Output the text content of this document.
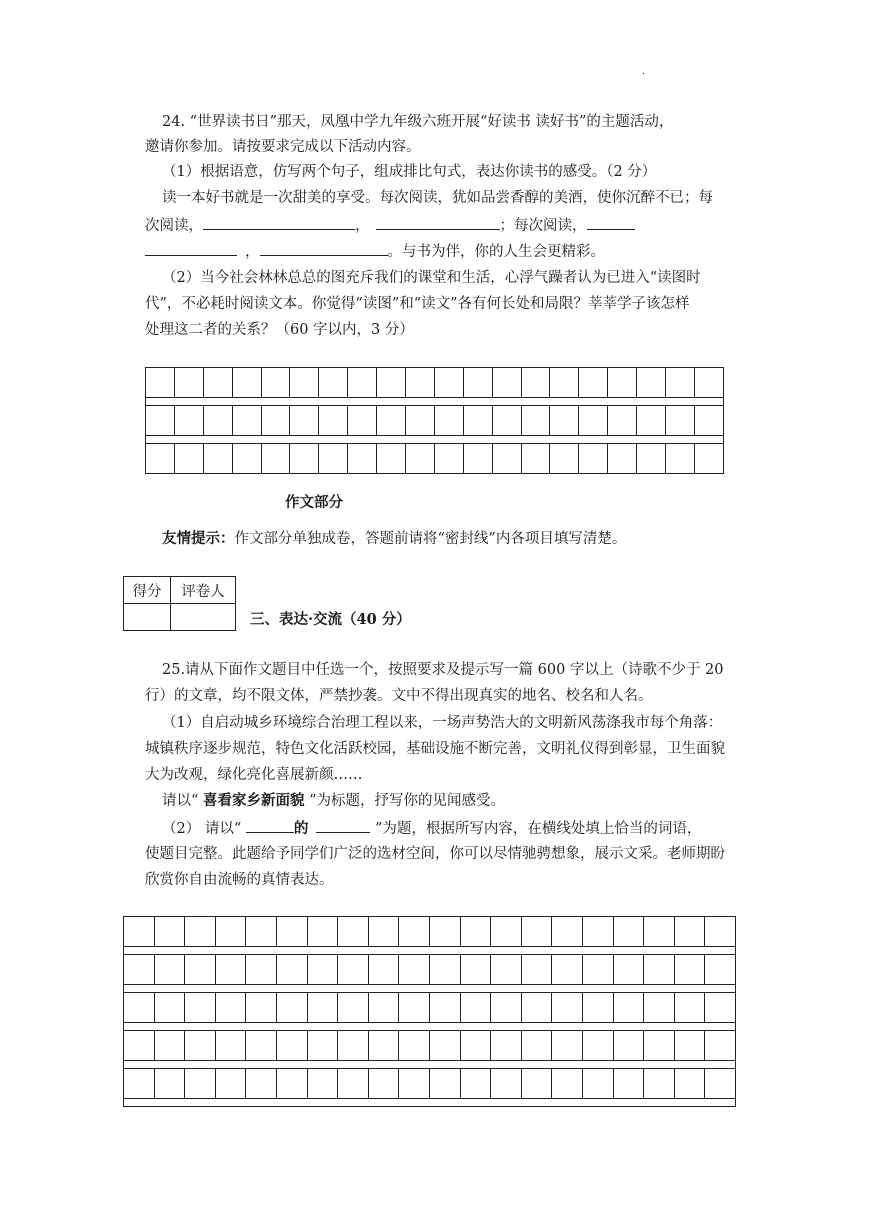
.
24. “世界读书日”那天，凤凰中学九年级六班开展“好读书 读好书”的主题活动，
邀请你参加。请按要求完成以下活动内容。
（1）根据语意，仿写两个句子，组成排比句式，表达你读书的感受。（2 分）
读一本好书就是一次甜美的享受。每次阅读，犹如品尝香醇的美酒，使你沉醉不已；每
次阅读，	，	；每次阅读，
，	。与书为伴，你的人生会更精彩。
（2）当今社会林林总总的图充斥我们的课堂和生活，心浮气躁者认为已进入“读图时
代”，不必耗时阅读文本。你觉得“读图”和“读文”各有何长处和局限？莘莘学子该怎样
处理这二者的关系？（60 字以内，3 分）

作文部分
友情提示：作文部分单独成卷，答题前请将“密封线”内各项目填写清楚。
得分	评卷人

三、表达·交流（40 分）
25.请从下面作文题目中任选一个，按照要求及提示写一篇 600 字以上（诗歌不少于 20
行）的文章，均不限文体，严禁抄袭。文中不得出现真实的地名、校名和人名。
（1）自启动城乡环境综合治理工程以来，一场声势浩大的文明新风荡涤我市每个角落：
城镇秩序逐步规范，特色文化活跃校园，基础设施不断完善，文明礼仪得到彰显，卫生面貌
大为改观，绿化亮化喜展新颜……
请以“ 喜看家乡新面貌 ”为标题，抒写你的见闻感受。
（2） 请以“	的	”为题，根据所写内容，在横线处填上恰当的词语，
使题目完整。此题给予同学们广泛的选材空间，你可以尽情驰骋想象，展示文采。老师期盼
欣赏你自由流畅的真情表达。
